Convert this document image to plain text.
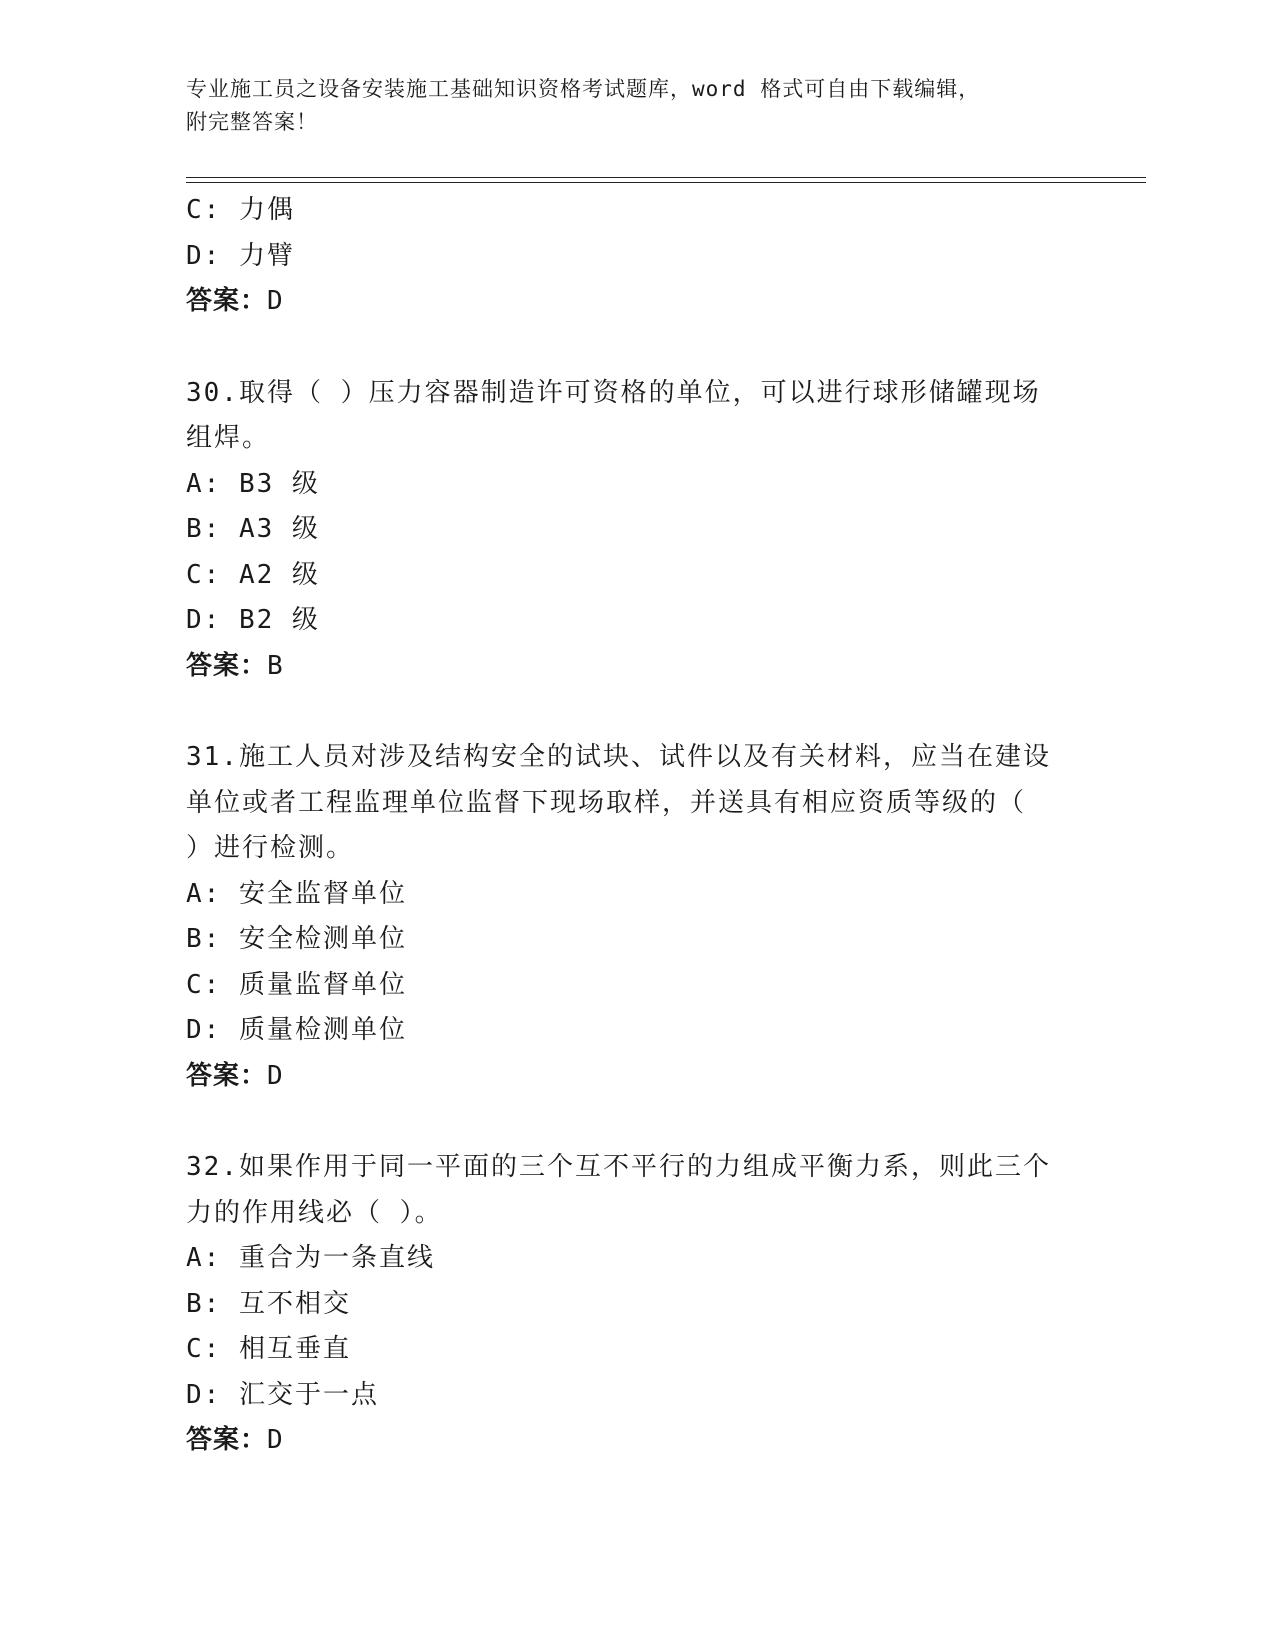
专业施工员之设备安装施工基础知识资格考试题库，word 格式可自由下载编辑，
附完整答案！
C: 力偶
D: 力臂
答案：D
30.取得（ ）压力容器制造许可资格的单位，可以进行球形储罐现场
组焊。
A: B3 级
B: A3 级
C: A2 级
D: B2 级
答案：B
31.施工人员对涉及结构安全的试块、试件以及有关材料，应当在建设
单位或者工程监理单位监督下现场取样，并送具有相应资质等级的（
）进行检测。
A: 安全监督单位
B: 安全检测单位
C: 质量监督单位
D: 质量检测单位
答案：D
32.如果作用于同一平面的三个互不平行的力组成平衡力系，则此三个
力的作用线必（ ）。
A: 重合为一条直线
B: 互不相交
C: 相互垂直
D: 汇交于一点
答案：D
